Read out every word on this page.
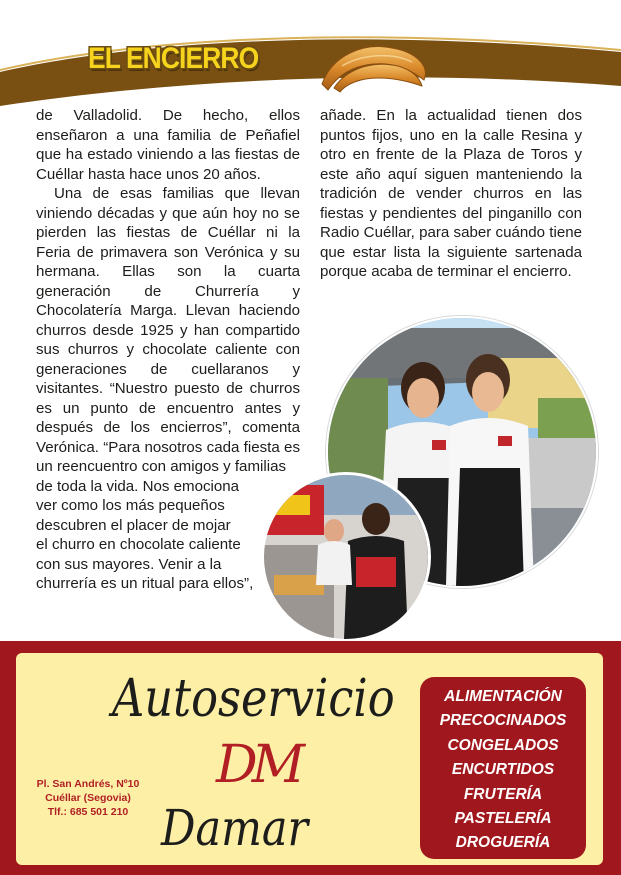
EL ENCIERRO

de Valladolid. De hecho, ellos enseñaron a una familia de Peñafiel que ha estado viniendo a las fiestas de Cuéllar hasta hace unos 20 años.

Una de esas familias que llevan viniendo décadas y que aún hoy no se pierden las fiestas de Cuéllar ni la Feria de primavera son Verónica y su hermana. Ellas son la cuarta generación de Churrería y Chocolatería Marga. Llevan haciendo churros desde 1925 y han compartido sus churros y chocolate caliente con generaciones de cuellaranos y visitantes. “Nuestro puesto de churros es un punto de encuentro antes y después de los encierros”, comenta Verónica. “Para nosotros cada fiesta es un reencuentro con amigos y familias

de toda la vida. Nos emociona
ver como los más pequeños
descubren el placer de mojar
el churro en chocolate caliente
con sus mayores. Venir a la
churrería es un ritual para ellos”,

añade. En la actualidad tienen dos puntos fijos, uno en la calle Resina y otro en frente de la Plaza de Toros y este año aquí siguen manteniendo la tradición de vender churros en las fiestas y pendientes del pinganillo con Radio Cuéllar, para saber cuándo tiene que estar lista la siguiente sartenada porque acaba de terminar el encierro.

Autoservicio
DM
Damar
Pl. San Andrés, Nº10
Cuéllar (Segovia)
Tlf.: 685 501 210
ALIMENTACIÓN
PRECOCINADOS
CONGELADOS
ENCURTIDOS
FRUTERÍA
PASTELERÍA
DROGUERÍA
